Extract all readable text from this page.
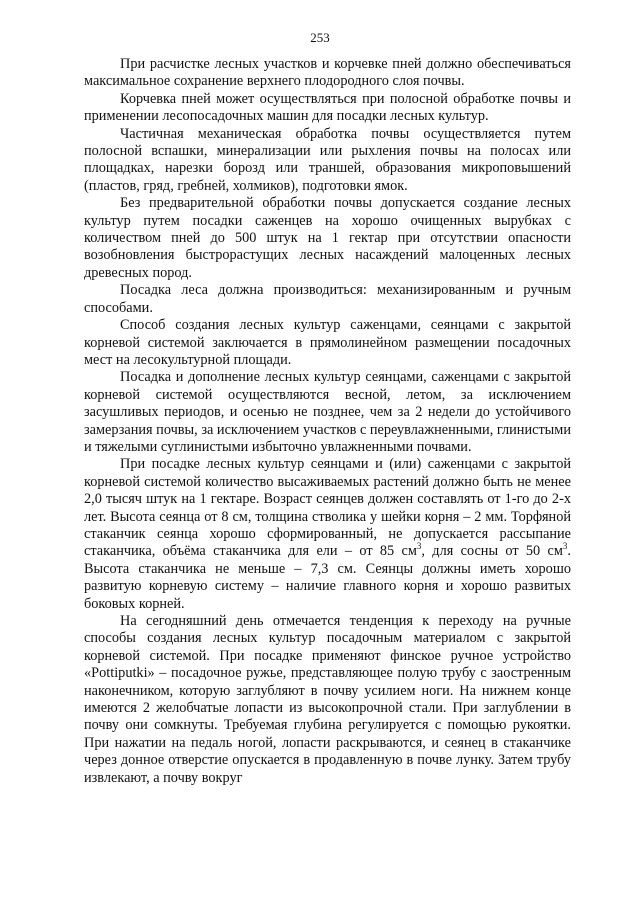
253

При расчистке лесных участков и корчевке пней должно обеспечиваться максимальное сохранение верхнего плодородного слоя почвы.

Корчевка пней может осуществляться при полосной обработке почвы и применении лесопосадочных машин для посадки лесных культур.

Частичная механическая обработка почвы осуществляется путем полосной вспашки, минерализации или рыхления почвы на полосах или площадках, нарезки борозд или траншей, образования микроповышений (пластов, гряд, гребней, холмиков), подготовки ямок.

Без предварительной обработки почвы допускается создание лесных культур путем посадки саженцев на хорошо очищенных вырубках с количеством пней до 500 штук на 1 гектар при отсутствии опасности возобновления быстрорастущих лесных насаждений малоценных лесных древесных пород.

Посадка леса должна производиться: механизированным и ручным способами.

Способ создания лесных культур саженцами, сеянцами с закрытой корневой системой заключается в прямолинейном размещении посадочных мест на лесокультурной площади.

Посадка и дополнение лесных культур сеянцами, саженцами с закрытой корневой системой осуществляются весной, летом, за исключением засушливых периодов, и осенью не позднее, чем за 2 недели до устойчивого замерзания почвы, за исключением участков с переувлажненными, глинистыми и тяжелыми суглинистыми избыточно увлажненными почвами.

При посадке лесных культур сеянцами и (или) саженцами с закрытой корневой системой количество высаживаемых растений должно быть не менее 2,0 тысяч штук на 1 гектаре. Возраст сеянцев должен составлять от 1-го до 2-х лет. Высота сеянца от 8 см, толщина стволика у шейки корня – 2 мм. Торфяной стаканчик сеянца хорошо сформированный, не допускается рассыпание стаканчика, объёма стаканчика для ели – от 85 $см^3$, для сосны от 50 $см^3$. Высота стаканчика не меньше – 7,3 см. Сеянцы должны иметь хорошо развитую корневую систему – наличие главного корня и хорошо развитых боковых корней.

На сегодняшний день отмечается тенденция к переходу на ручные способы создания лесных культур посадочным материалом с закрытой корневой системой. При посадке применяют финское ручное устройство «Pottiputki» – посадочное ружье, представляющее полую трубу с заостренным наконечником, которую заглубляют в почву усилием ноги. На нижнем конце имеются 2 желобчатые лопасти из высокопрочной стали. При заглублении в почву они сомкнуты. Требуемая глубина регулируется с помощью рукоятки. При нажатии на педаль ногой, лопасти раскрываются, и сеянец в стаканчике через донное отверстие опускается в продавленную в почве лунку. Затем трубу извлекают, а почву вокруг
